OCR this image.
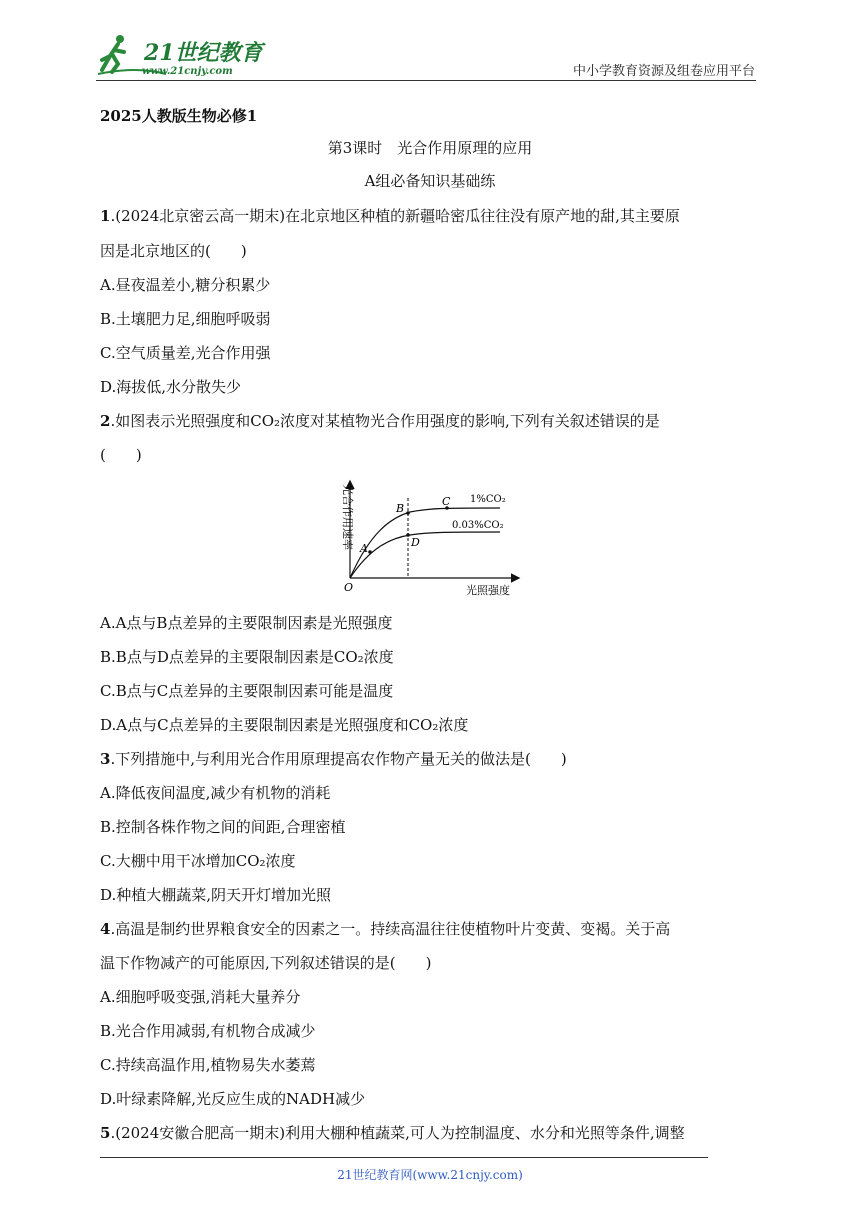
21世纪教育
www.21cnjy.com	中小学教育资源及组卷应用平台
2025人教版生物必修1
第3课时　光合作用原理的应用
A组必备知识基础练
1.(2024北京密云高一期末)在北京地区种植的新疆哈密瓜往往没有原产地的甜,其主要原
因是北京地区的(　　)
A.昼夜温差小,糖分积累少
B.土壤肥力足,细胞呼吸弱
C.空气质量差,光合作用强
D.海拔低,水分散失少
2.如图表示光照强度和CO₂浓度对某植物光合作用强度的影响,下列有关叙述错误的是
(　　)
光合作用速率
光照强度
O
A
B
C
D
1%CO₂
0.03%CO₂
A.A点与B点差异的主要限制因素是光照强度
B.B点与D点差异的主要限制因素是CO₂浓度
C.B点与C点差异的主要限制因素可能是温度
D.A点与C点差异的主要限制因素是光照强度和CO₂浓度
3.下列措施中,与利用光合作用原理提高农作物产量无关的做法是(　　)
A.降低夜间温度,减少有机物的消耗
B.控制各株作物之间的间距,合理密植
C.大棚中用干冰增加CO₂浓度
D.种植大棚蔬菜,阴天开灯增加光照
4.高温是制约世界粮食安全的因素之一。持续高温往往使植物叶片变黄、变褐。关于高
温下作物减产的可能原因,下列叙述错误的是(　　)
A.细胞呼吸变强,消耗大量养分
B.光合作用减弱,有机物合成减少
C.持续高温作用,植物易失水萎蔫
D.叶绿素降解,光反应生成的NADH减少
5.(2024安徽合肥高一期末)利用大棚种植蔬菜,可人为控制温度、水分和光照等条件,调整
21世纪教育网(www.21cnjy.com)
